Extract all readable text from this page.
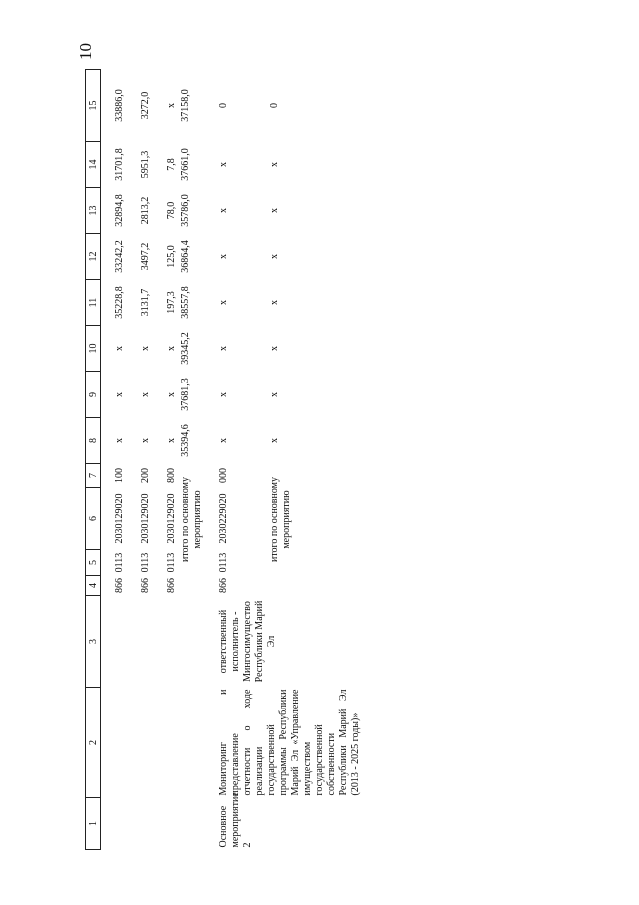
10
1	2	3	4	5	6	7	8	9	10	11	12	13	14	15

			866	0113	2030129020	100	x	x	x	35228,8	33242,2	32894,8	31701,8	33886,0

			866	0113	2030129020	200	x	x	x	3131,7	3497,2	2813,2	5951,3	3272,0

			866	0113	2030129020	800	x	x	x	197,3	125,0	78,0	7,8	x
				итого по основному мероприятию			35394,6	37681,3	39345,2	38557,8	36864,4	35786,0	37661,0	37158,0

Основное мероприятие 2	Мониторинг и представление отчетности о ходе реализации государственной программы Республики Марий Эл «Управление имуществом государственной собственности Республики Марий Эл (2013 - 2025 годы)»	ответственный исполнитель - Мингосимущество Республики Марий Эл	866	0113	2030229020	000	x	x	x	x	x	x	x	0
				итого по основному мероприятию			x	x	x	x	x	x	x	0
